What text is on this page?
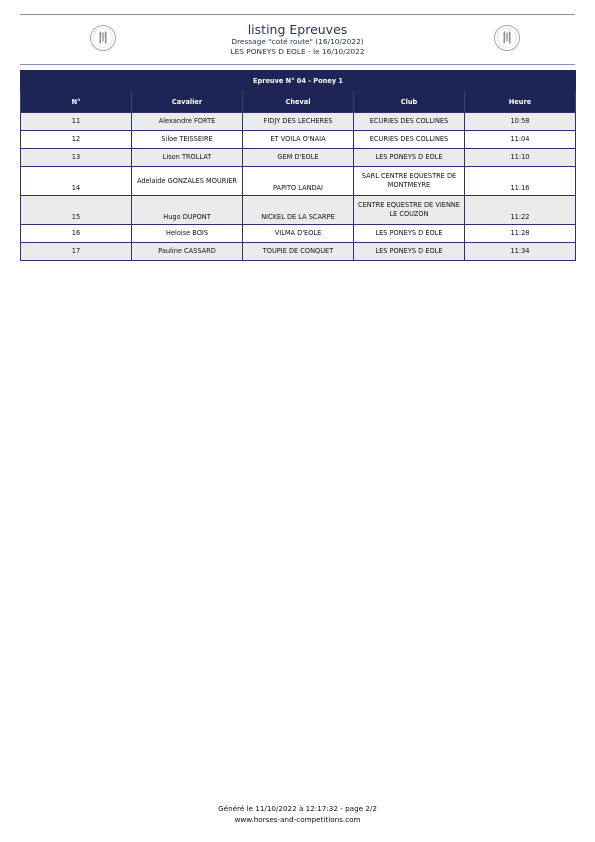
listing Epreuves
Dressage "coté route" (16/10/2022)
LES PONEYS D EOLE - le 16/10/2022
Epreuve N° 04 - Poney 1				
N°	Cavalier	Cheval	Club	Heure
11	Alexandre FORTE	FIDJY DES LECHERES	ECURIES DES COLLINES	10:58
12	Siloe TEISSEIRE	ET VOILA O'NAIA	ECURIES DES COLLINES	11:04
13	Lison TROLLAT	GEM D'EOLE	LES PONEYS D EOLE	11:10
14	Adelaide GONZALES MOURIER	PAPITO LANDAI	SARL CENTRE EQUESTRE DE MONTMEYRE	11:16
15	Hugo DUPONT	NICKEL DE LA SCARPE	CENTRE EQUESTRE DE VIENNE LE COUZON	11:22
16	Heloise BOIS	VILMA D'EOLE	LES PONEYS D EOLE	11:28
17	Pauline CASSARD	TOUPIE DE CONQUET	LES PONEYS D EOLE	11:34
Généré le 11/10/2022 à 12:17:32 - page 2/2
www.horses-and-competitions.com
